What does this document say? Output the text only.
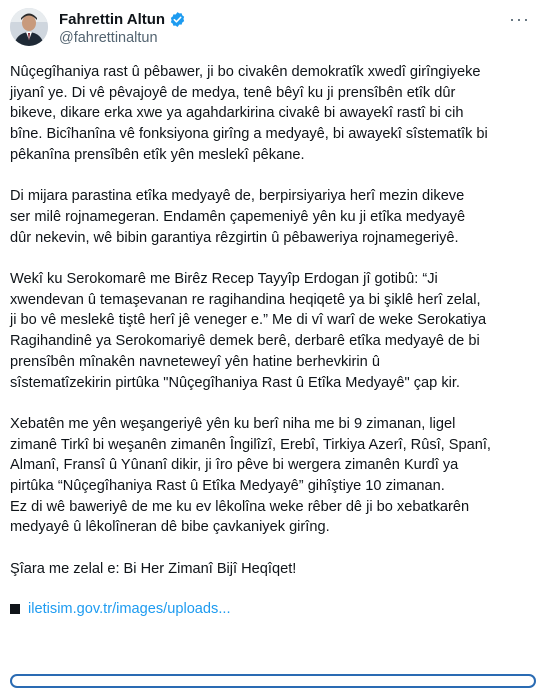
Fahrettin Altun
@fahrettinaltun
···

Nûçegîhaniya rast û pêbawer, ji bo civakên demokratîk xwedî girîngiyeke
jiyanî ye. Di vê pêvajoyê de medya, tenê bêyî ku ji prensîbên etîk dûr
bikeve, dikare erka xwe ya agahdarkirina civakê bi awayekî rastî bi cih
bîne. Bicîhanîna vê fonksiyona girîng a medyayê, bi awayekî sîstematîk bi
pêkanîna prensîbên etîk yên meslekî pêkane.

Di mijara parastina etîka medyayê de, berpirsiyariya herî mezin dikeve
ser milê rojnamegeran. Endamên çapemeniyê yên ku ji etîka medyayê
dûr nekevin, wê bibin garantiya rêzgirtin û pêbaweriya rojnamegeriyê.

Wekî ku Serokomarê me Birêz Recep Tayyîp Erdogan jî gotibû: “Ji
xwendevan û temaşevanan re ragihandina heqiqetê ya bi şiklê herî zelal,
ji bo vê meslekê tiştê herî jê veneger e.” Me di vî warî de weke Serokatiya
Ragihandinê ya Serokomariyê demek berê, derbarê etîka medyayê de bi
prensîbên mînakên navneteweyî yên hatine berhevkirin û
sîstematîzekirin pirtûka "Nûçegîhaniya Rast û Etîka Medyayê" çap kir.

Xebatên me yên weşangeriyê yên ku berî niha me bi 9 zimanan, ligel
zimanê Tirkî bi weşanên zimanên Îngilîzî, Erebî, Tirkiya Azerî, Rûsî, Spanî,
Almanî, Fransî û Yûnanî dikir, ji îro pêve bi wergera zimanên Kurdî ya
pirtûka “Nûçegîhaniya Rast û Etîka Medyayê” gihîştiye 10 zimanan.
Ez di wê baweriyê de me ku ev lêkolîna weke rêber dê ji bo xebatkarên
medyayê û lêkolîneran dê bibe çavkaniyek girîng.

Şîara me zelal e: Bi Her Zimanî Bijî Heqîqet!

iletisim.gov.tr/images/uploads...
